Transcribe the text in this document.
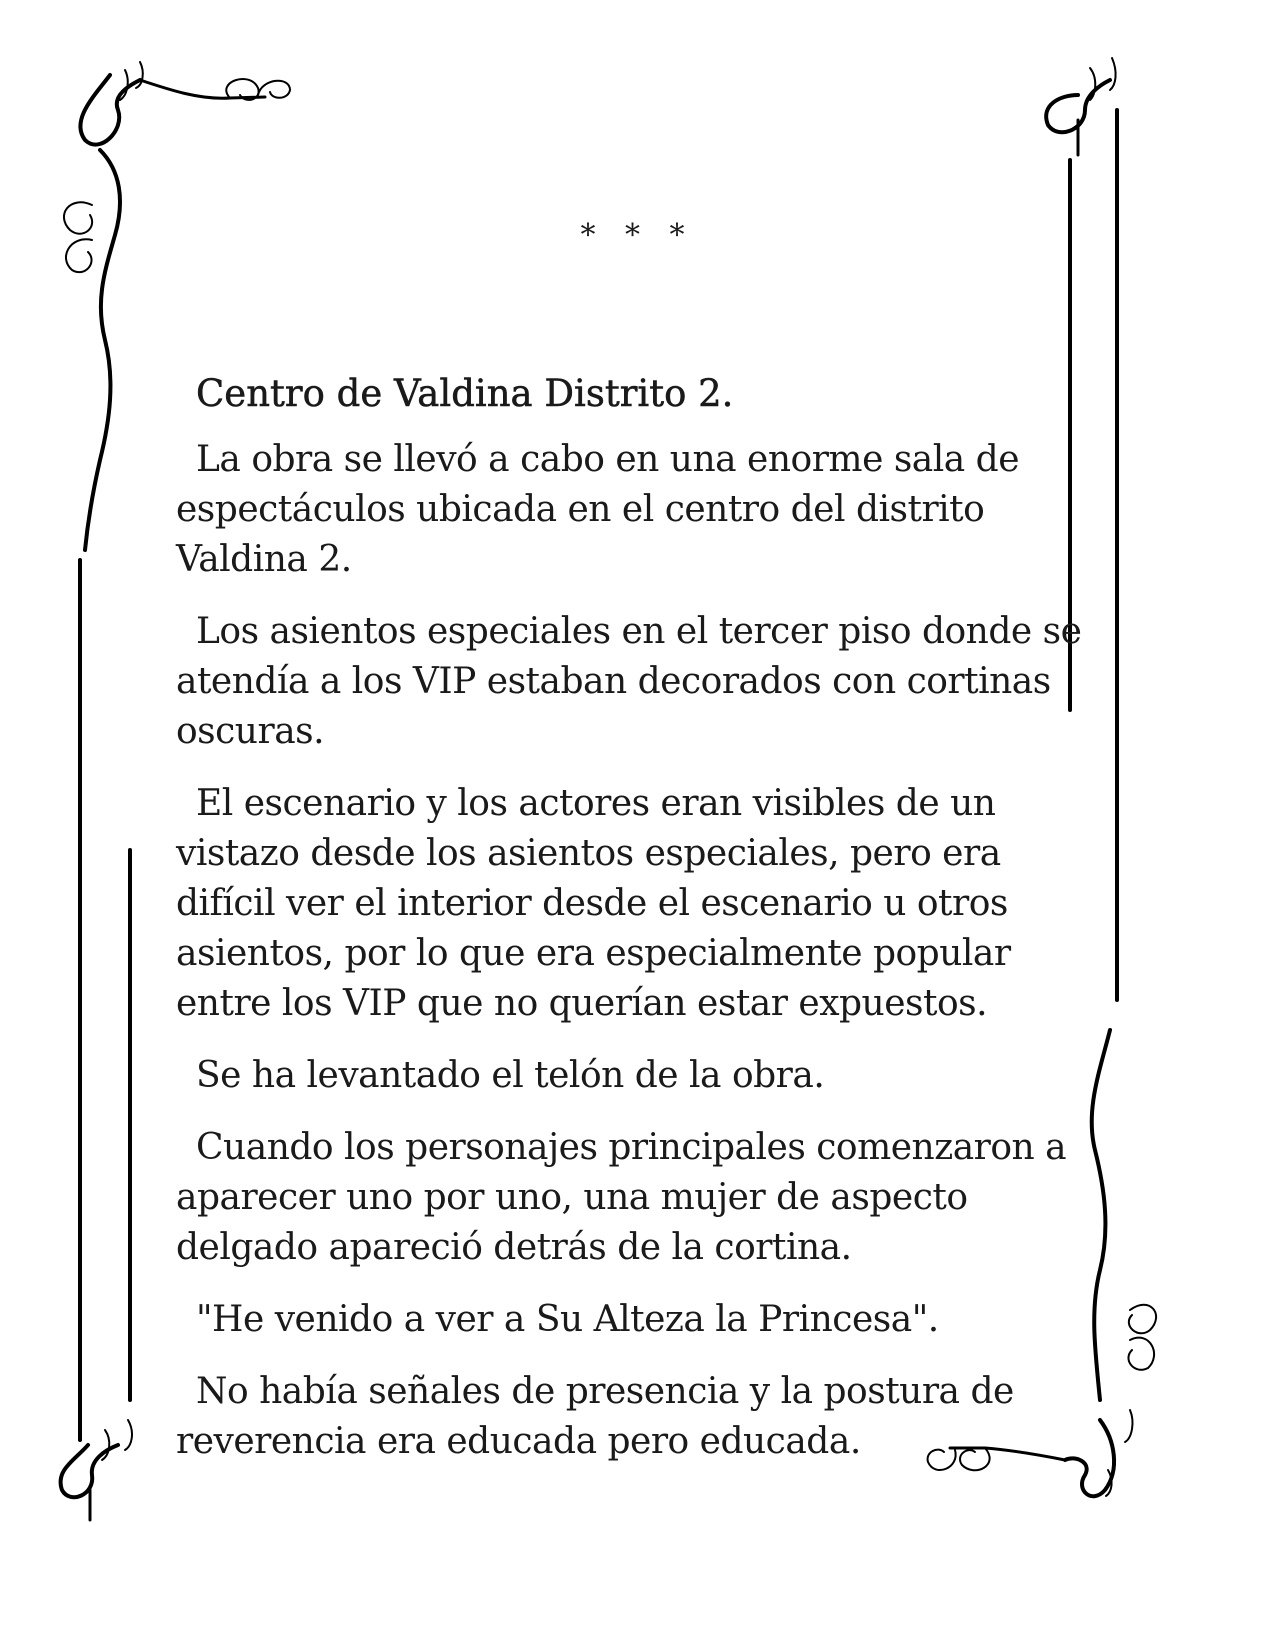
* * *
Centro de Valdina Distrito 2.

La obra se llevó a cabo en una enorme sala de espectáculos ubicada en el centro del distrito Valdina 2.

Los asientos especiales en el tercer piso donde se atendía a los VIP estaban decorados con cortinas oscuras.

El escenario y los actores eran visibles de un vistazo desde los asientos especiales, pero era difícil ver el interior desde el escenario u otros asientos, por lo que era especialmente popular entre los VIP que no querían estar expuestos.

Se ha levantado el telón de la obra.

Cuando los personajes principales comenzaron a aparecer uno por uno, una mujer de aspecto delgado apareció detrás de la cortina.

"He venido a ver a Su Alteza la Princesa".

No había señales de presencia y la postura de reverencia era educada pero educada.
